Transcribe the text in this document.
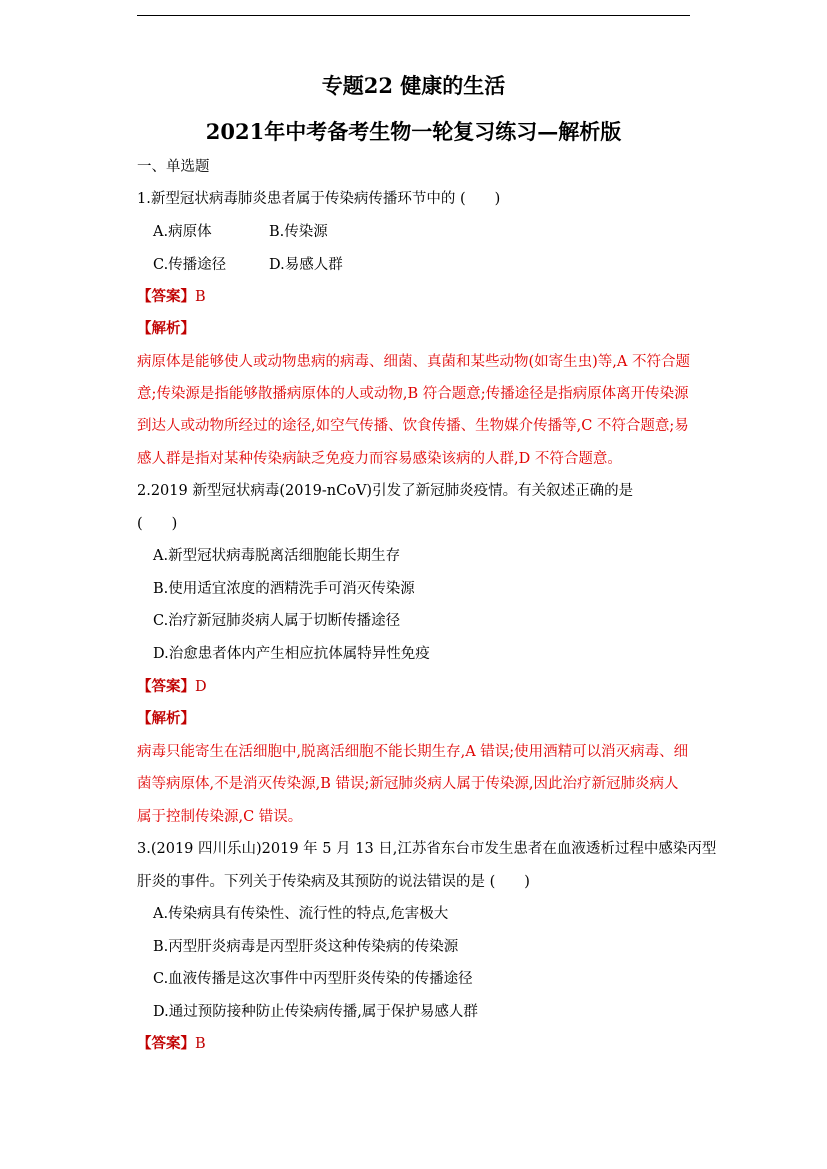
专题22 健康的生活
2021年中考备考生物一轮复习练习—解析版
一、单选题
1.新型冠状病毒肺炎患者属于传染病传播环节中的 (　　)
A.病原体	B.传染源
C.传播途径	D.易感人群
【答案】B
【解析】
病原体是能够使人或动物患病的病毒、细菌、真菌和某些动物(如寄生虫)等,A 不符合题
意;传染源是指能够散播病原体的人或动物,B 符合题意;传播途径是指病原体离开传染源
到达人或动物所经过的途径,如空气传播、饮食传播、生物媒介传播等,C 不符合题意;易
感人群是指对某种传染病缺乏免疫力而容易感染该病的人群,D 不符合题意。
2.2019 新型冠状病毒(2019-nCoV)引发了新冠肺炎疫情。有关叙述正确的是
(　　)
A.新型冠状病毒脱离活细胞能长期生存
B.使用适宜浓度的酒精洗手可消灭传染源
C.治疗新冠肺炎病人属于切断传播途径
D.治愈患者体内产生相应抗体属特异性免疫
【答案】D
【解析】
病毒只能寄生在活细胞中,脱离活细胞不能长期生存,A 错误;使用酒精可以消灭病毒、细
菌等病原体,不是消灭传染源,B 错误;新冠肺炎病人属于传染源,因此治疗新冠肺炎病人
属于控制传染源,C 错误。
3.(2019 四川乐山)2019 年 5 月 13 日,江苏省东台市发生患者在血液透析过程中感染丙型
肝炎的事件。下列关于传染病及其预防的说法错误的是 (　　)
A.传染病具有传染性、流行性的特点,危害极大
B.丙型肝炎病毒是丙型肝炎这种传染病的传染源
C.血液传播是这次事件中丙型肝炎传染的传播途径
D.通过预防接种防止传染病传播,属于保护易感人群
【答案】B
